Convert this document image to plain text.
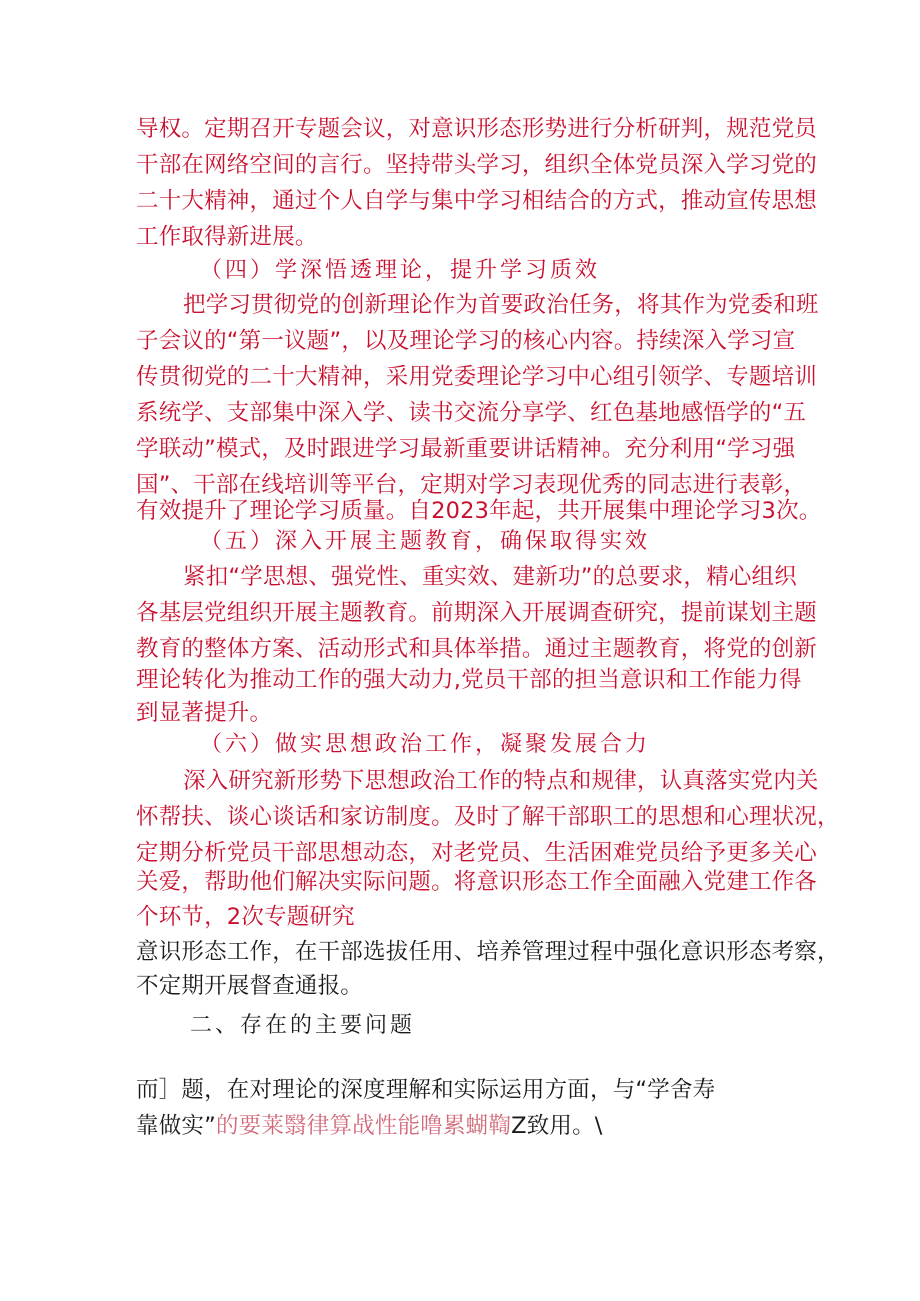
导权。定期召开专题会议，对意识形态形势进行分析研判，规范党员
干部在网络空间的言行。坚持带头学习，组织全体党员深入学习党的
二十大精神，通过个人自学与集中学习相结合的方式，推动宣传思想
工作取得新进展。
（四）学深悟透理论，提升学习质效
把学习贯彻党的创新理论作为首要政治任务，将其作为党委和班
子会议的“第一议题”，以及理论学习的核心内容。持续深入学习宣
传贯彻党的二十大精神，采用党委理论学习中心组引领学、专题培训
系统学、支部集中深入学、读书交流分享学、红色基地感悟学的“五
学联动”模式，及时跟进学习最新重要讲话精神。充分利用“学习强
国”、干部在线培训等平台，定期对学习表现优秀的同志进行表彰，
有效提升了理论学习质量。自2023年起，共开展集中理论学习3次。
（五）深入开展主题教育，确保取得实效
紧扣“学思想、强党性、重实效、建新功”的总要求，精心组织
各基层党组织开展主题教育。前期深入开展调查研究，提前谋划主题
教育的整体方案、活动形式和具体举措。通过主题教育，将党的创新
理论转化为推动工作的强大动力,党员干部的担当意识和工作能力得
到显著提升。
（六）做实思想政治工作，凝聚发展合力
深入研究新形势下思想政治工作的特点和规律，认真落实党内关
怀帮扶、谈心谈话和家访制度。及时了解干部职工的思想和心理状况，
定期分析党员干部思想动态，对老党员、生活困难党员给予更多关心
关爱，帮助他们解决实际问题。将意识形态工作全面融入党建工作各
个环节，2次专题研究
意识形态工作，在干部选拔任用、培养管理过程中强化意识形态考察，
不定期开展督查通报。
二、存在的主要问题
而］题，在对理论的深度理解和实际运用方面，与“学舍寿
靠做实”的要莱翳律算战性能噜累蝴鞫Z致用。\
